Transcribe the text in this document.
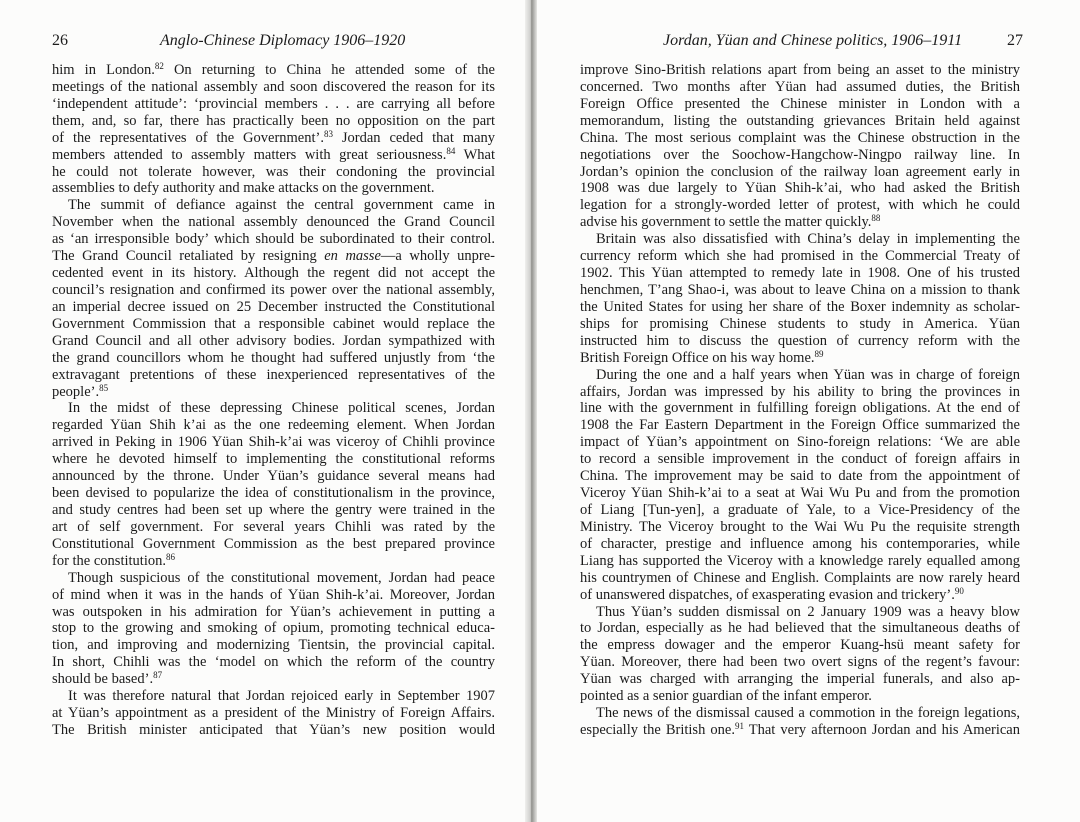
26	Anglo-Chinese Diplomacy 1906–1920
him in London.$^{82}$ On returning to China he attended some of the
meetings of the national assembly and soon discovered the reason for its
‘independent attitude’: ‘provincial members . . . are carrying all before
them, and, so far, there has practically been no opposition on the part
of the representatives of the Government’.$^{83}$ Jordan ceded that many
members attended to assembly matters with great seriousness.$^{84}$ What
he could not tolerate however, was their condoning the provincial
assemblies to defy authority and make attacks on the government.
The summit of defiance against the central government came in
November when the national assembly denounced the Grand Council
as ‘an irresponsible body’ which should be subordinated to their control.
The Grand Council retaliated by resigning en masse—a wholly unpre-
cedented event in its history. Although the regent did not accept the
council’s resignation and confirmed its power over the national assembly,
an imperial decree issued on 25 December instructed the Constitutional
Government Commission that a responsible cabinet would replace the
Grand Council and all other advisory bodies. Jordan sympathized with
the grand councillors whom he thought had suffered unjustly from ‘the
extravagant pretentions of these inexperienced representatives of the
people’.$^{85}$
In the midst of these depressing Chinese political scenes, Jordan
regarded Yüan Shih k’ai as the one redeeming element. When Jordan
arrived in Peking in 1906 Yüan Shih-k’ai was viceroy of Chihli province
where he devoted himself to implementing the constitutional reforms
announced by the throne. Under Yüan’s guidance several means had
been devised to popularize the idea of constitutionalism in the province,
and study centres had been set up where the gentry were trained in the
art of self government. For several years Chihli was rated by the
Constitutional Government Commission as the best prepared province
for the constitution.$^{86}$
Though suspicious of the constitutional movement, Jordan had peace
of mind when it was in the hands of Yüan Shih-k’ai. Moreover, Jordan
was outspoken in his admiration for Yüan’s achievement in putting a
stop to the growing and smoking of opium, promoting technical educa-
tion, and improving and modernizing Tientsin, the provincial capital.
In short, Chihli was the ‘model on which the reform of the country
should be based’.$^{87}$
It was therefore natural that Jordan rejoiced early in September 1907
at Yüan’s appointment as a president of the Ministry of Foreign Affairs.
The British minister anticipated that Yüan’s new position would
Jordan, Yüan and Chinese politics, 1906–1911	27
improve Sino-British relations apart from being an asset to the ministry
concerned. Two months after Yüan had assumed duties, the British
Foreign Office presented the Chinese minister in London with a
memorandum, listing the outstanding grievances Britain held against
China. The most serious complaint was the Chinese obstruction in the
negotiations over the Soochow-Hangchow-Ningpo railway line. In
Jordan’s opinion the conclusion of the railway loan agreement early in
1908 was due largely to Yüan Shih-k’ai, who had asked the British
legation for a strongly-worded letter of protest, with which he could
advise his government to settle the matter quickly.$^{88}$
Britain was also dissatisfied with China’s delay in implementing the
currency reform which she had promised in the Commercial Treaty of
1902. This Yüan attempted to remedy late in 1908. One of his trusted
henchmen, T’ang Shao-i, was about to leave China on a mission to thank
the United States for using her share of the Boxer indemnity as scholar-
ships for promising Chinese students to study in America. Yüan
instructed him to discuss the question of currency reform with the
British Foreign Office on his way home.$^{89}$
During the one and a half years when Yüan was in charge of foreign
affairs, Jordan was impressed by his ability to bring the provinces in
line with the government in fulfilling foreign obligations. At the end of
1908 the Far Eastern Department in the Foreign Office summarized the
impact of Yüan’s appointment on Sino-foreign relations: ‘We are able
to record a sensible improvement in the conduct of foreign affairs in
China. The improvement may be said to date from the appointment of
Viceroy Yüan Shih-k’ai to a seat at Wai Wu Pu and from the promotion
of Liang [Tun-yen], a graduate of Yale, to a Vice-Presidency of the
Ministry. The Viceroy brought to the Wai Wu Pu the requisite strength
of character, prestige and influence among his contemporaries, while
Liang has supported the Viceroy with a knowledge rarely equalled among
his countrymen of Chinese and English. Complaints are now rarely heard
of unanswered dispatches, of exasperating evasion and trickery’.$^{90}$
Thus Yüan’s sudden dismissal on 2 January 1909 was a heavy blow
to Jordan, especially as he had believed that the simultaneous deaths of
the empress dowager and the emperor Kuang-hsü meant safety for
Yüan. Moreover, there had been two overt signs of the regent’s favour:
Yüan was charged with arranging the imperial funerals, and also ap-
pointed as a senior guardian of the infant emperor.
The news of the dismissal caused a commotion in the foreign legations,
especially the British one.$^{91}$ That very afternoon Jordan and his American
